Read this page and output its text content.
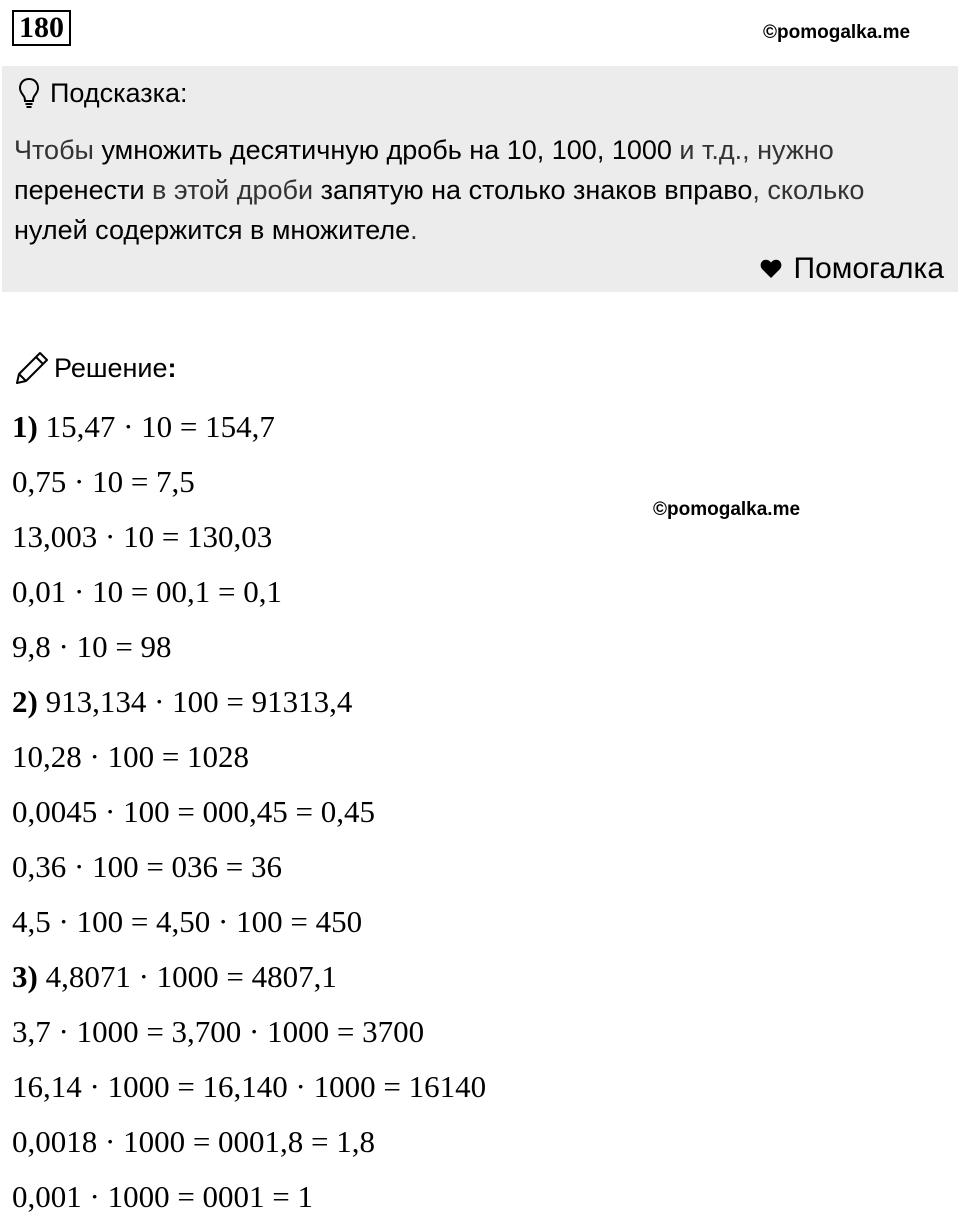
180	©pomogalka.me
Подсказка:
Чтобы умножить десятичную дробь на 10, 100, 1000 и т.д., нужно перенести в этой дроби запятую на столько знаков вправо, сколько нулей содержится в множителе.
Помогалка
Решение:
1) 15,47 · 10 = 154,7
0,75 · 10 = 7,5
13,003 · 10 = 130,03
0,01 · 10 = 00,1 = 0,1
9,8 · 10 = 98
2) 913,134 · 100 = 91313,4
10,28 · 100 = 1028
0,0045 · 100 = 000,45 = 0,45
0,36 · 100 = 036 = 36
4,5 · 100 = 4,50 · 100 = 450
3) 4,8071 · 1000 = 4807,1
3,7 · 1000 = 3,700 · 1000 = 3700
16,14 · 1000 = 16,140 · 1000 = 16140
0,0018 · 1000 = 0001,8 = 1,8
0,001 · 1000 = 0001 = 1
©pomogalka.me
